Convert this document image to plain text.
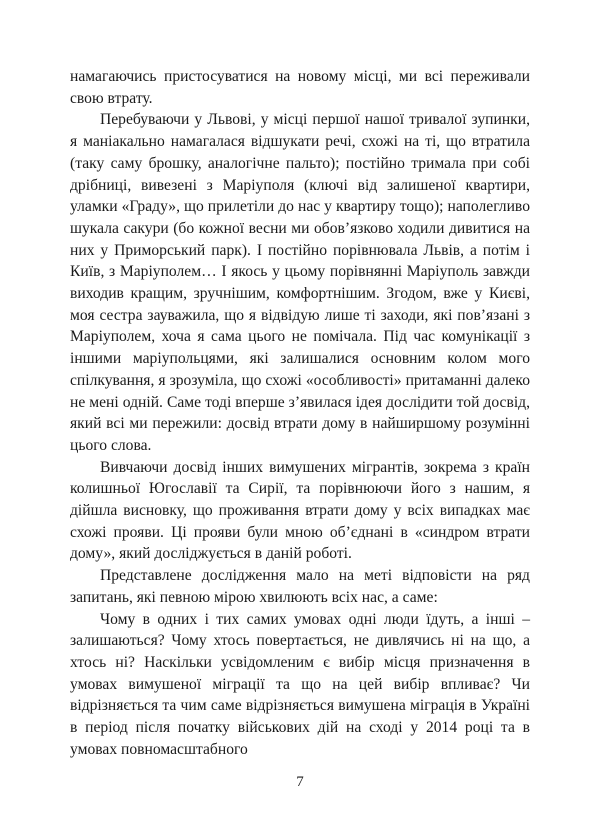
намагаючись пристосуватися на новому місці, ми всі переживали свою втрату.

Перебуваючи у Львові, у місці першої нашої тривалої зупинки, я маніакально намагалася відшукати речі, схожі на ті, що втратила (таку саму брошку, аналогічне пальто); постійно тримала при собі дрібниці, вивезені з Маріуполя (ключі від залишеної квартири, уламки «Граду», що прилетіли до нас у квартиру тощо); наполегливо шукала сакури (бо кожної весни ми обов’язково ходили дивитися на них у Приморський парк). І постійно порівнювала Львів, а потім і Київ, з Маріуполем… І якось у цьому порівнянні Маріуполь завжди виходив кращим, зручнішим, комфортнішим. Згодом, вже у Києві, моя сестра зауважила, що я відвідую лише ті заходи, які пов’язані з Маріуполем, хоча я сама цього не помічала. Під час комунікації з іншими маріупольцями, які залишалися основним колом мого спілкування, я зрозуміла, що схожі «особливості» притаманні далеко не мені одній. Саме тоді вперше з’явилася ідея дослідити той досвід, який всі ми пережили: досвід втрати дому в найширшому розумінні цього слова.

Вивчаючи досвід інших вимушених мігрантів, зокрема з країн колишньої Югославії та Сирії, та порівнюючи його з нашим, я дійшла висновку, що проживання втрати дому у всіх випадках має схожі прояви. Ці прояви були мною об’єднані в «синдром втрати дому», який досліджується в даній роботі.

Представлене дослідження мало на меті відповісти на ряд запитань, які певною мірою хвилюють всіх нас, а саме:

Чому в одних і тих самих умовах одні люди їдуть, а інші – залишаються? Чому хтось повертається, не дивлячись ні на що, а хтось ні? Наскільки усвідомленим є вибір місця призначення в умовах вимушеної міграції та що на цей вибір впливає? Чи відрізняється та чим саме відрізняється вимушена міграція в Україні в період після початку військових дій на сході у 2014 році та в умовах повномасштабного

7
